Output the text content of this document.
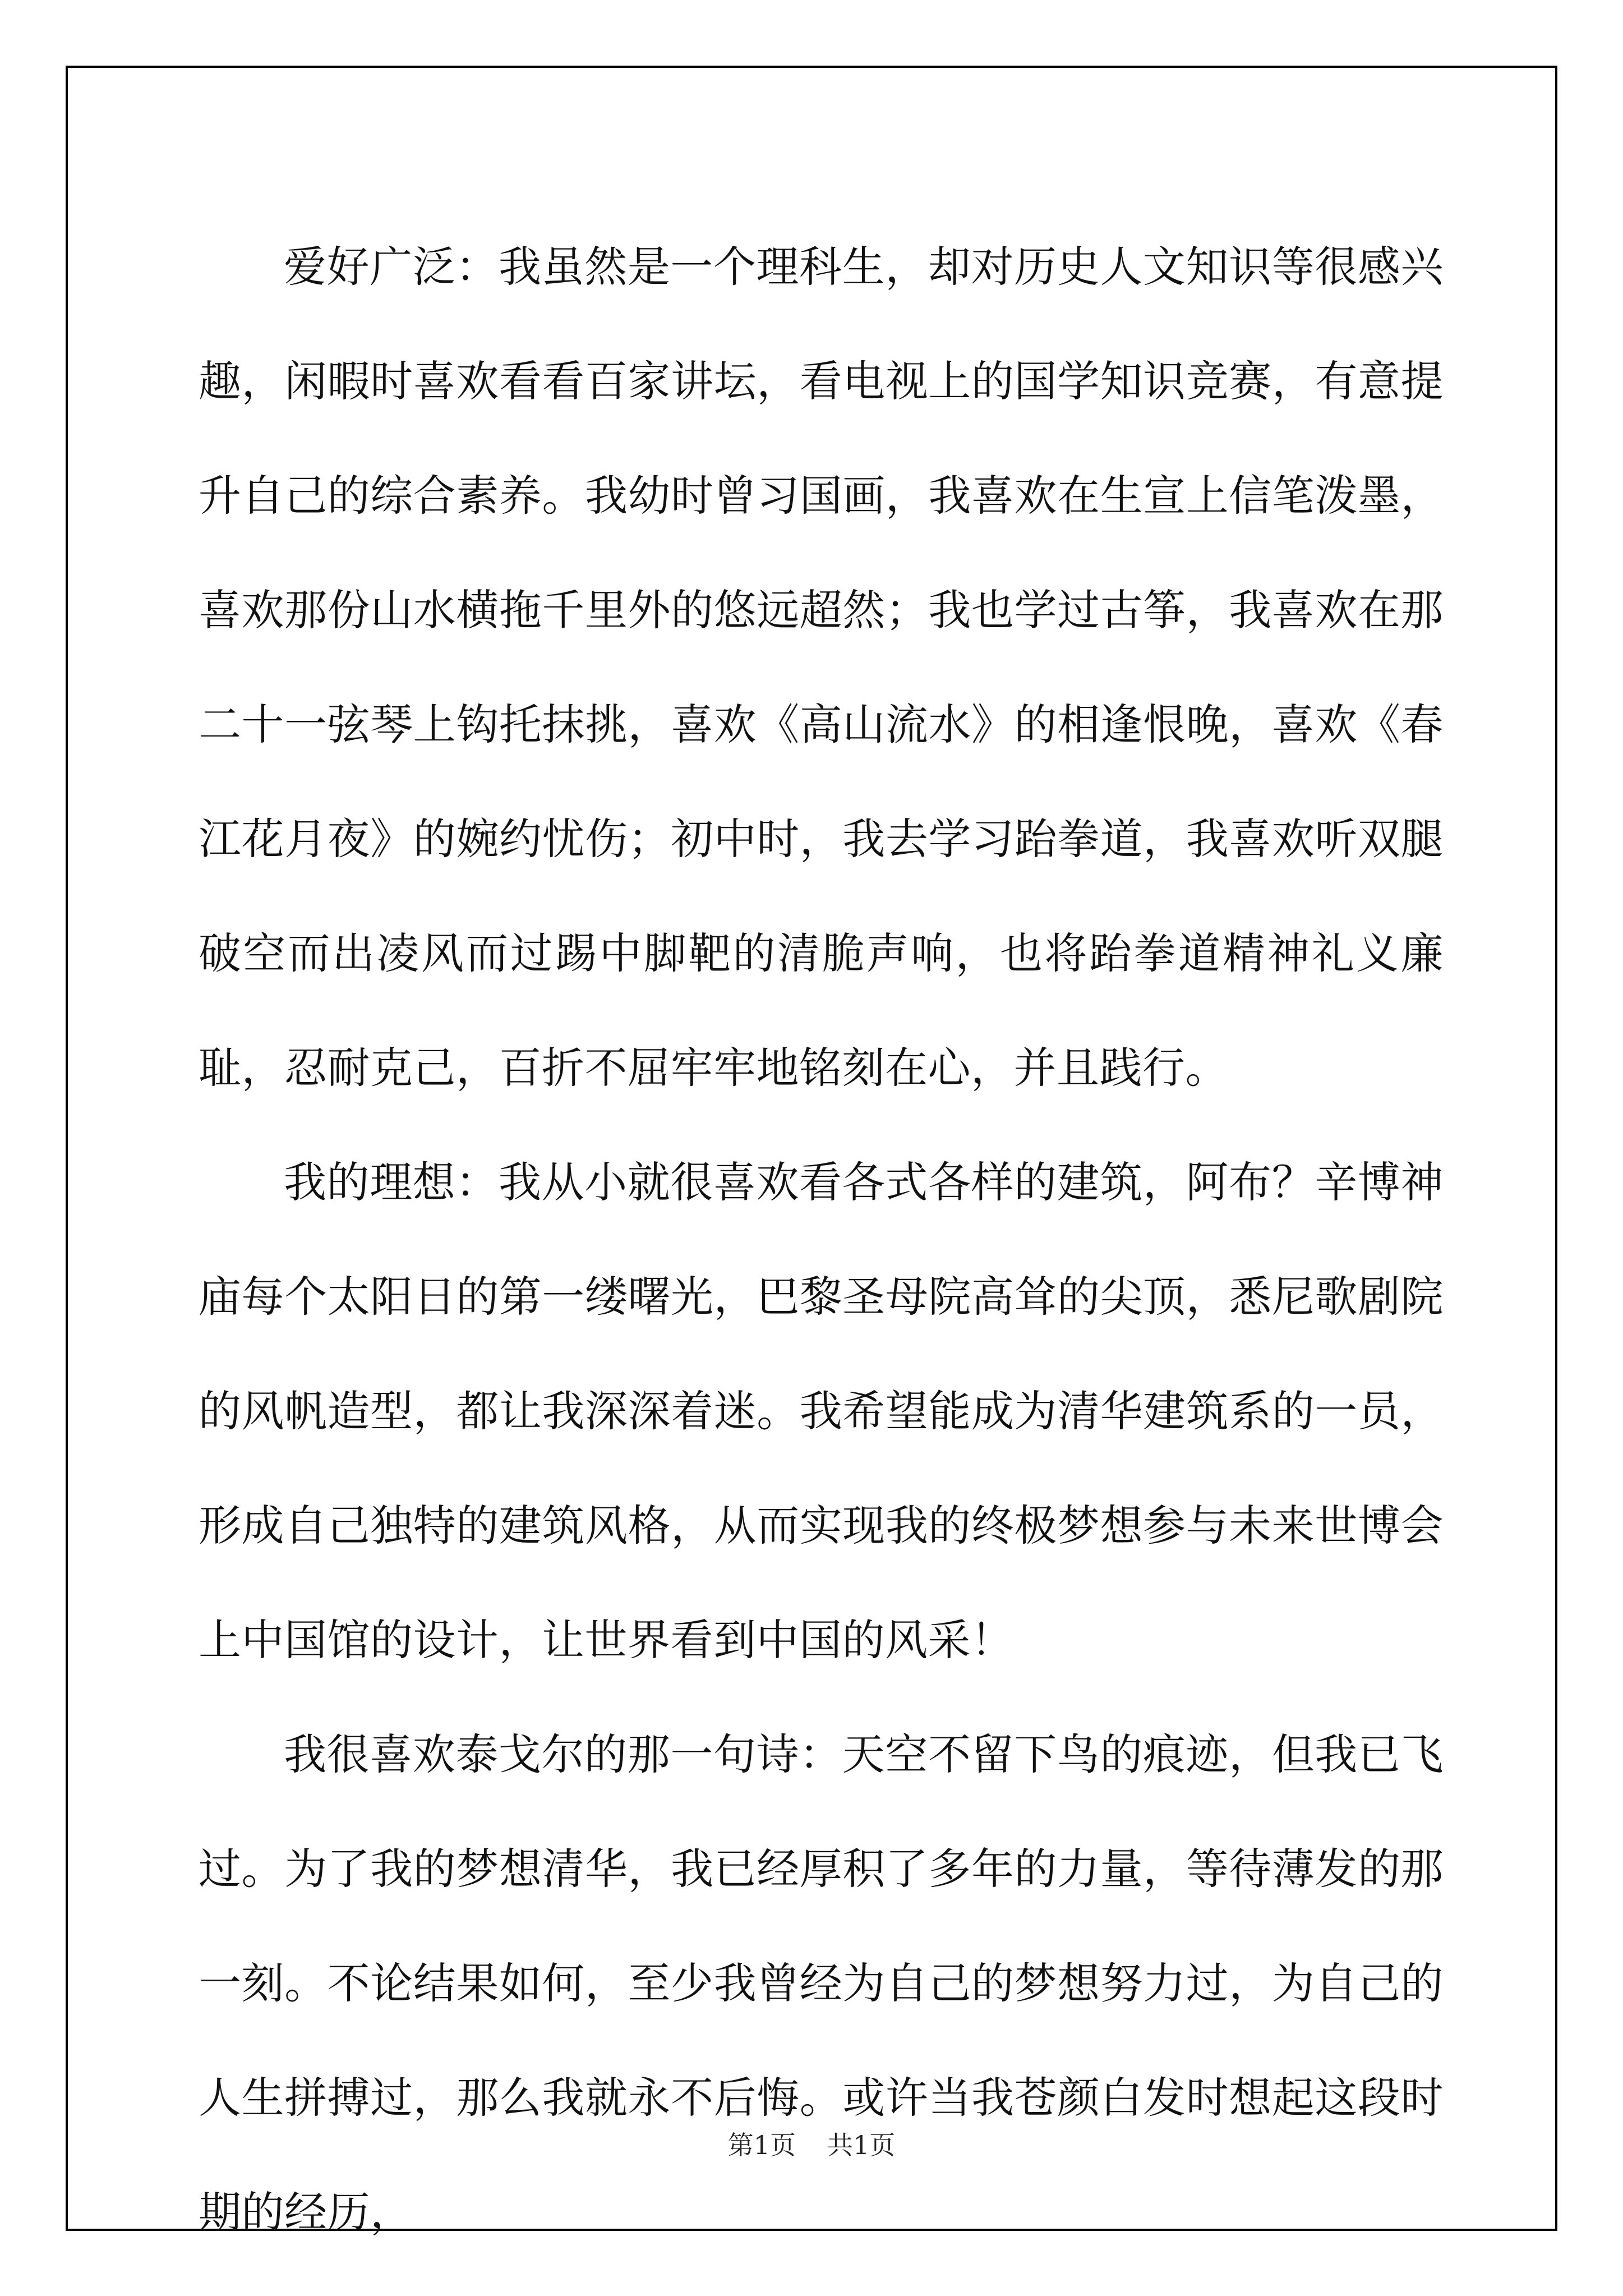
爱好广泛：我虽然是一个理科生，却对历史人文知识等很感兴趣，闲暇时喜欢看看百家讲坛，看电视上的国学知识竞赛，有意提升自己的综合素养。我幼时曾习国画，我喜欢在生宣上信笔泼墨，喜欢那份山水横拖千里外的悠远超然；我也学过古筝，我喜欢在那二十一弦琴上钩托抹挑，喜欢《高山流水》的相逢恨晚，喜欢《春江花月夜》的婉约忧伤；初中时，我去学习跆拳道，我喜欢听双腿破空而出凌风而过踢中脚靶的清脆声响，也将跆拳道精神礼义廉耻，忍耐克己，百折不屈牢牢地铭刻在心，并且践行。

我的理想：我从小就很喜欢看各式各样的建筑，阿布？辛博神庙每个太阳日的第一缕曙光，巴黎圣母院高耸的尖顶，悉尼歌剧院的风帆造型，都让我深深着迷。我希望能成为清华建筑系的一员，形成自己独特的建筑风格，从而实现我的终极梦想参与未来世博会上中国馆的设计，让世界看到中国的风采！

我很喜欢泰戈尔的那一句诗：天空不留下鸟的痕迹，但我已飞过。为了我的梦想清华，我已经厚积了多年的力量，等待薄发的那一刻。不论结果如何，至少我曾经为自己的梦想努力过，为自己的人生拼搏过，那么我就永不后悔。或许当我苍颜白发时想起这段时期的经历，

第1页 共1页
